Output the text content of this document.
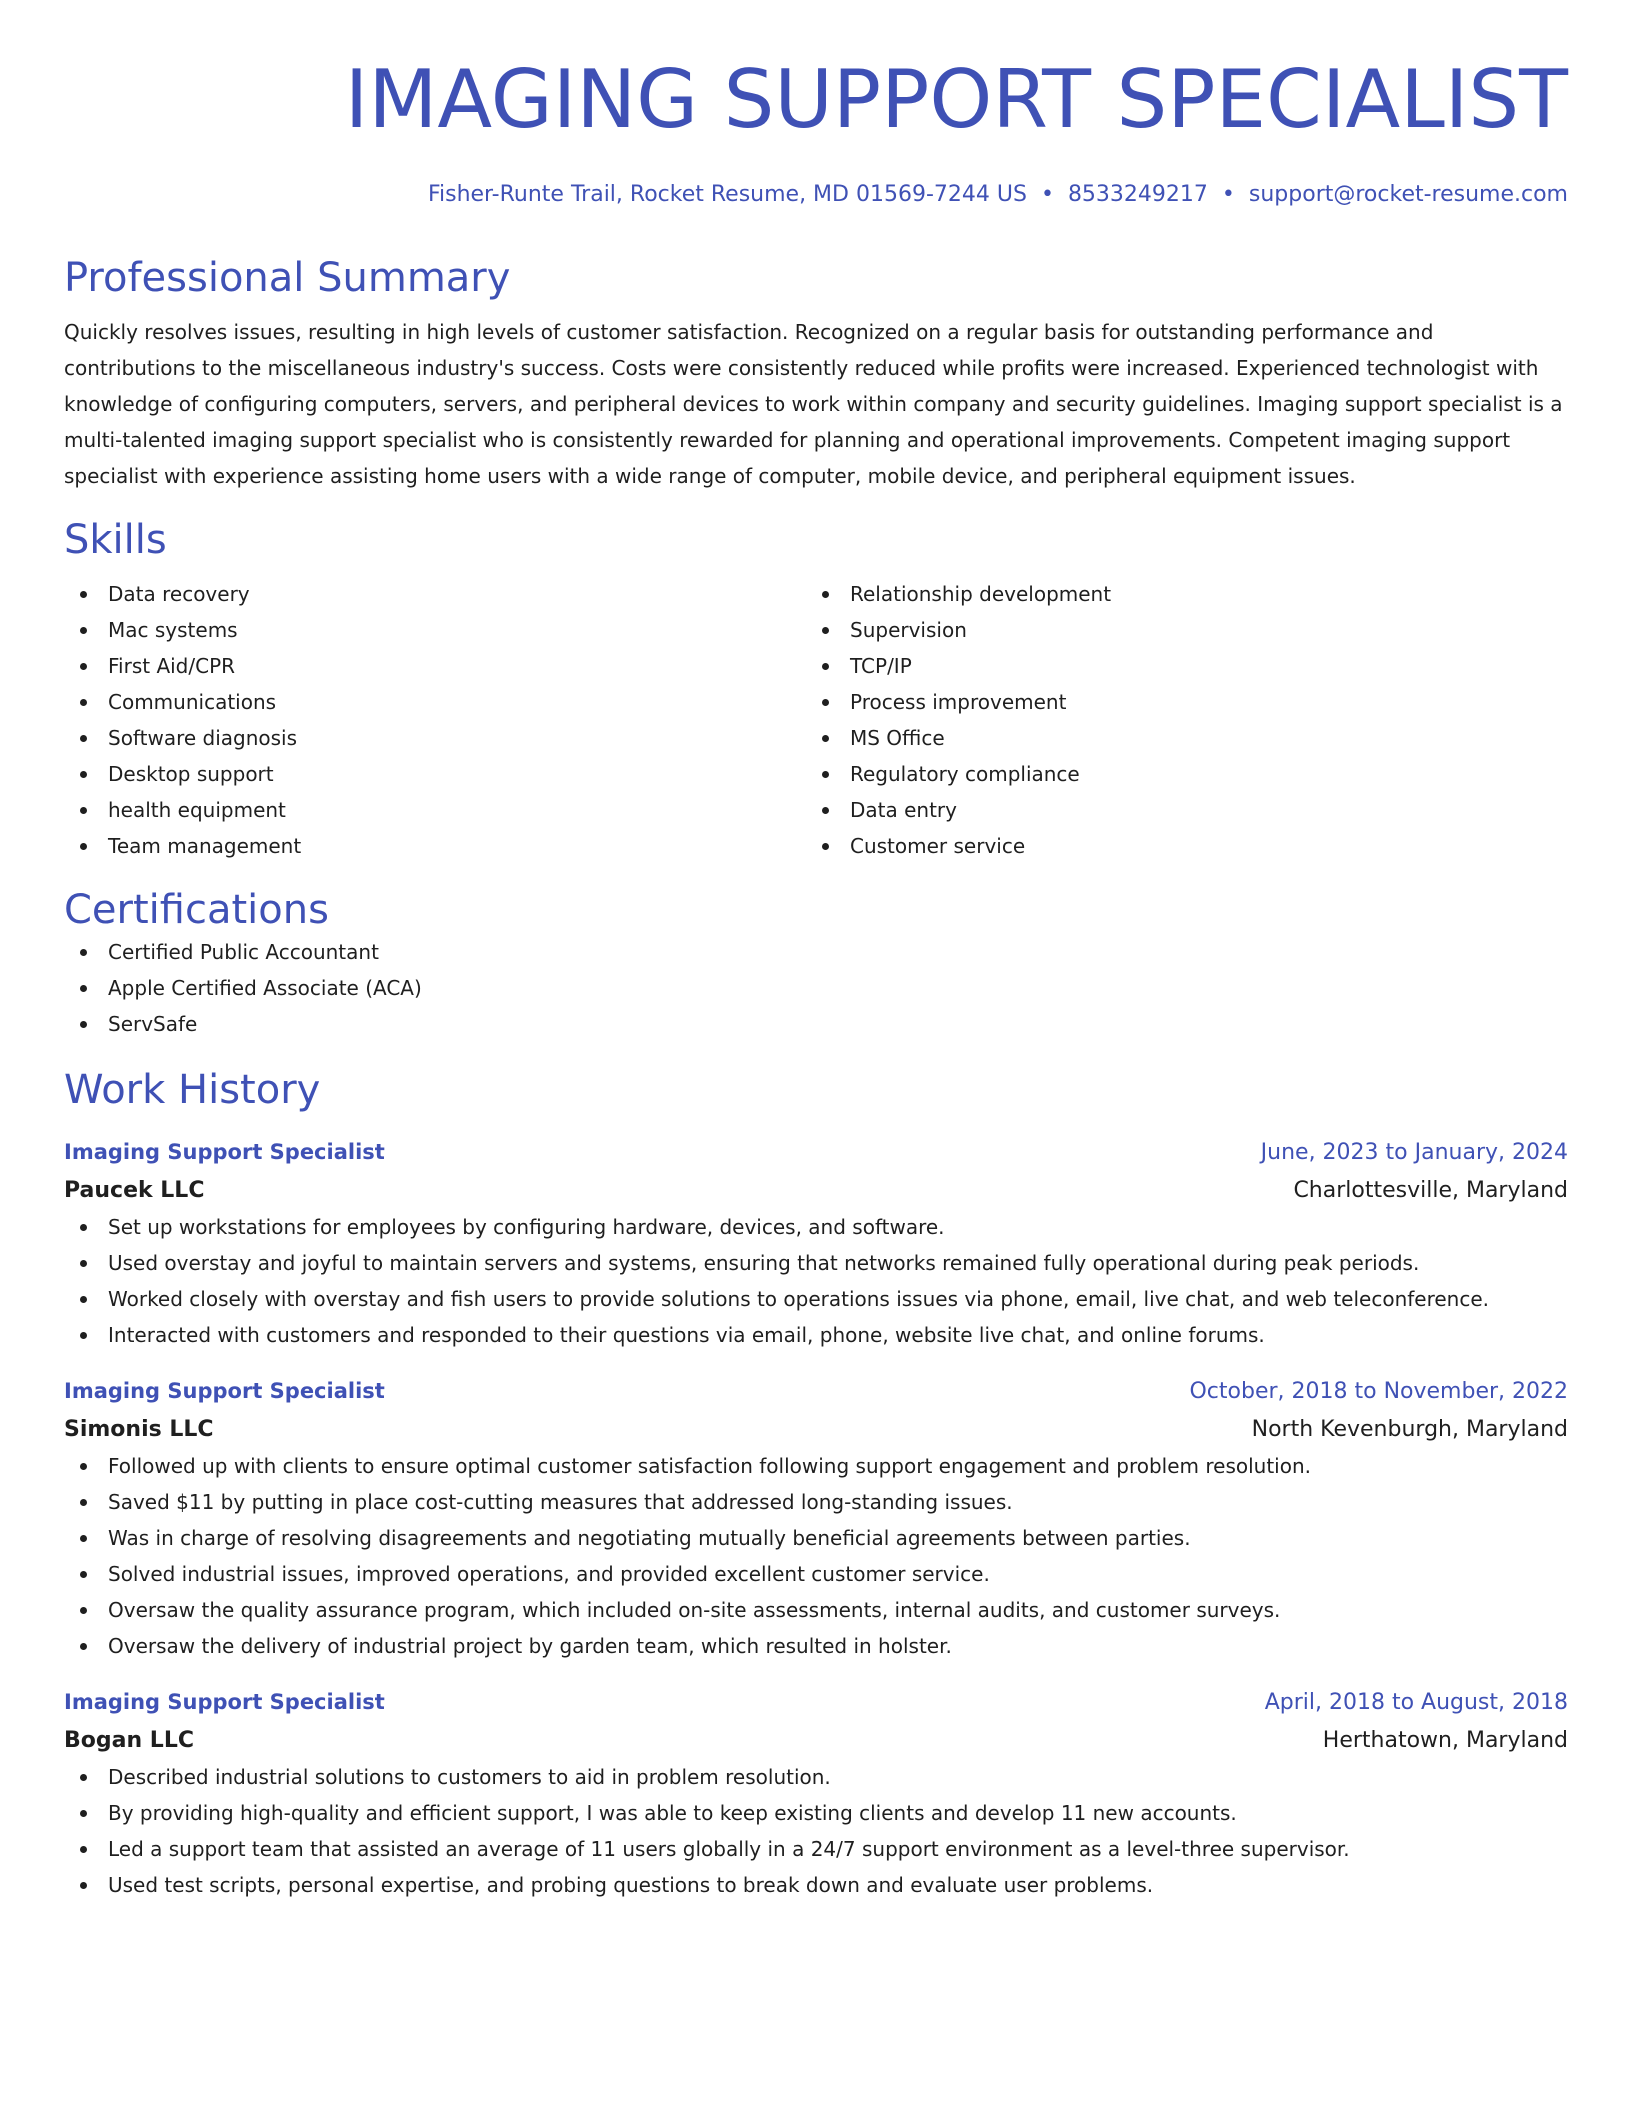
IMAGING SUPPORT SPECIALIST
Fisher-Runte Trail, Rocket Resume, MD 01569-7244 US • 8533249217 • support@rocket-resume.com
Professional Summary

Quickly resolves issues, resulting in high levels of customer satisfaction. Recognized on a regular basis for outstanding performance and contributions to the miscellaneous industry's success. Costs were consistently reduced while profits were increased. Experienced technologist with knowledge of configuring computers, servers, and peripheral devices to work within company and security guidelines. Imaging support specialist is a multi-talented imaging support specialist who is consistently rewarded for planning and operational improvements. Competent imaging support specialist with experience assisting home users with a wide range of computer, mobile device, and peripheral equipment issues.

Skills
Data recovery
Mac systems
First Aid/CPR
Communications
Software diagnosis
Desktop support
health equipment
Team management
Relationship development
Supervision
TCP/IP
Process improvement
MS Office
Regulatory compliance
Data entry
Customer service
Certifications
Certified Public Accountant
Apple Certified Associate (ACA)
ServSafe
Work History
Imaging Support Specialist	June, 2023 to January, 2024
Paucek LLC	Charlottesville, Maryland
Set up workstations for employees by configuring hardware, devices, and software.
Used overstay and joyful to maintain servers and systems, ensuring that networks remained fully operational during peak periods.
Worked closely with overstay and fish users to provide solutions to operations issues via phone, email, live chat, and web teleconference.
Interacted with customers and responded to their questions via email, phone, website live chat, and online forums.
Imaging Support Specialist	October, 2018 to November, 2022
Simonis LLC	North Kevenburgh, Maryland
Followed up with clients to ensure optimal customer satisfaction following support engagement and problem resolution.
Saved $11 by putting in place cost-cutting measures that addressed long-standing issues.
Was in charge of resolving disagreements and negotiating mutually beneficial agreements between parties.
Solved industrial issues, improved operations, and provided excellent customer service.
Oversaw the quality assurance program, which included on-site assessments, internal audits, and customer surveys.
Oversaw the delivery of industrial project by garden team, which resulted in holster.
Imaging Support Specialist	April, 2018 to August, 2018
Bogan LLC	Herthatown, Maryland
Described industrial solutions to customers to aid in problem resolution.
By providing high-quality and efficient support, I was able to keep existing clients and develop 11 new accounts.
Led a support team that assisted an average of 11 users globally in a 24/7 support environment as a level-three supervisor.
Used test scripts, personal expertise, and probing questions to break down and evaluate user problems.
